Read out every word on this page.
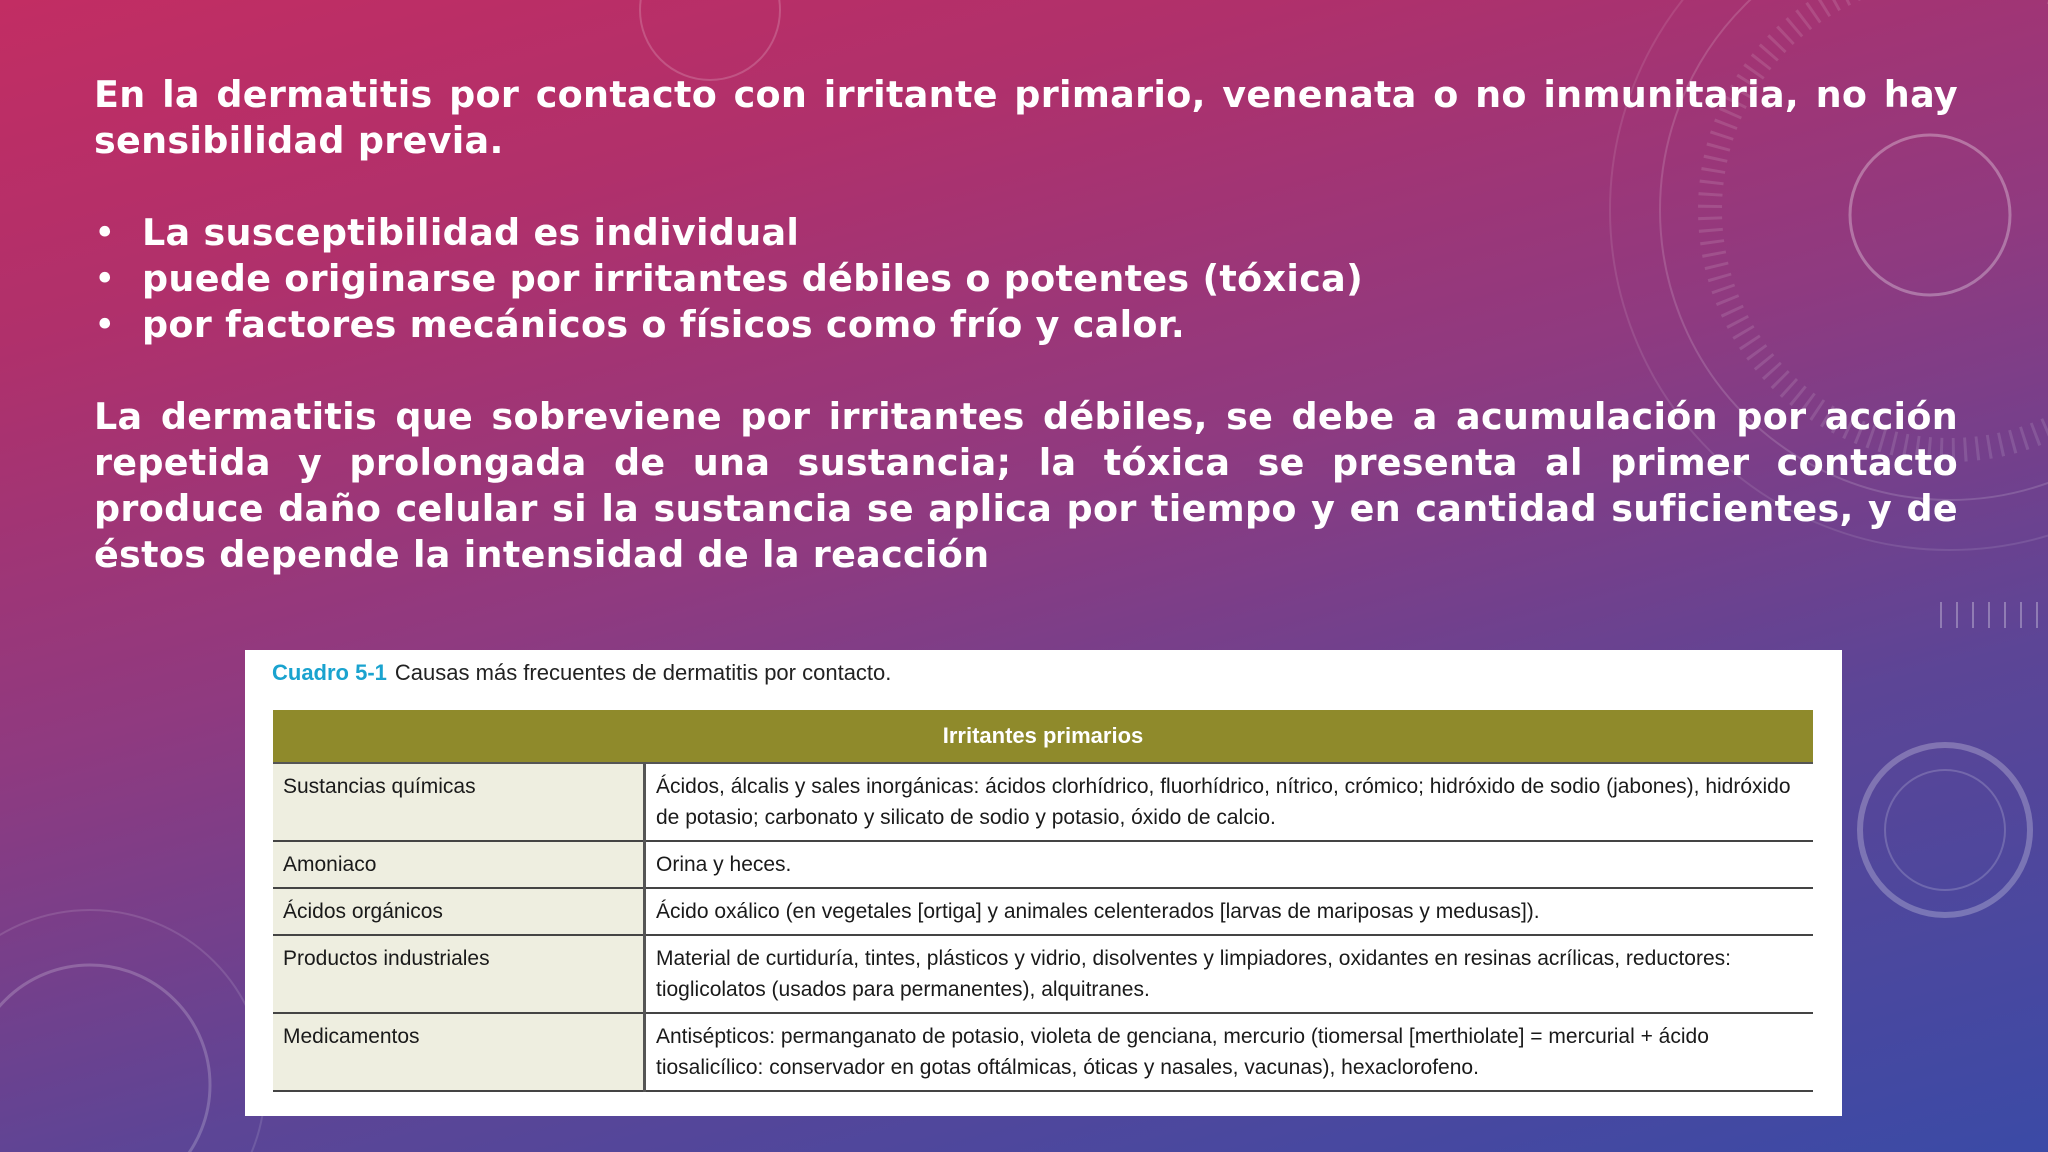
En la dermatitis por contacto con irritante primario, venenata o no inmunitaria, no hay sensibilidad previa.

• La susceptibilidad es individual
• puede originarse por irritantes débiles o potentes (tóxica)
• por factores mecánicos o físicos como frío y calor.

La dermatitis que sobreviene por irritantes débiles, se debe a acumulación por acción repetida y prolongada de una sustancia; la tóxica se presenta al primer contacto produce daño celular si la sustancia se aplica por tiempo y en cantidad suficientes, y de éstos depende la intensidad de la reacción

Cuadro 5-1 Causas más frecuentes de dermatitis por contacto.
Irritantes primarios	
Sustancias químicas	Ácidos, álcalis y sales inorgánicas: ácidos clorhídrico, fluorhídrico, nítrico, crómico; hidróxido de sodio (jabones), hidróxido de potasio; carbonato y silicato de sodio y potasio, óxido de calcio.
Amoniaco	Orina y heces.
Ácidos orgánicos	Ácido oxálico (en vegetales [ortiga] y animales celenterados [larvas de mariposas y medusas]).
Productos industriales	Material de curtiduría, tintes, plásticos y vidrio, disolventes y limpiadores, oxidantes en resinas acrílicas, reductores: tioglicolatos (usados para permanentes), alquitranes.
Medicamentos	Antisépticos: permanganato de potasio, violeta de genciana, mercurio (tiomersal [merthiolate] = mercurial + ácido tiosalicílico: conservador en gotas oftálmicas, óticas y nasales, vacunas), hexaclorofeno.
